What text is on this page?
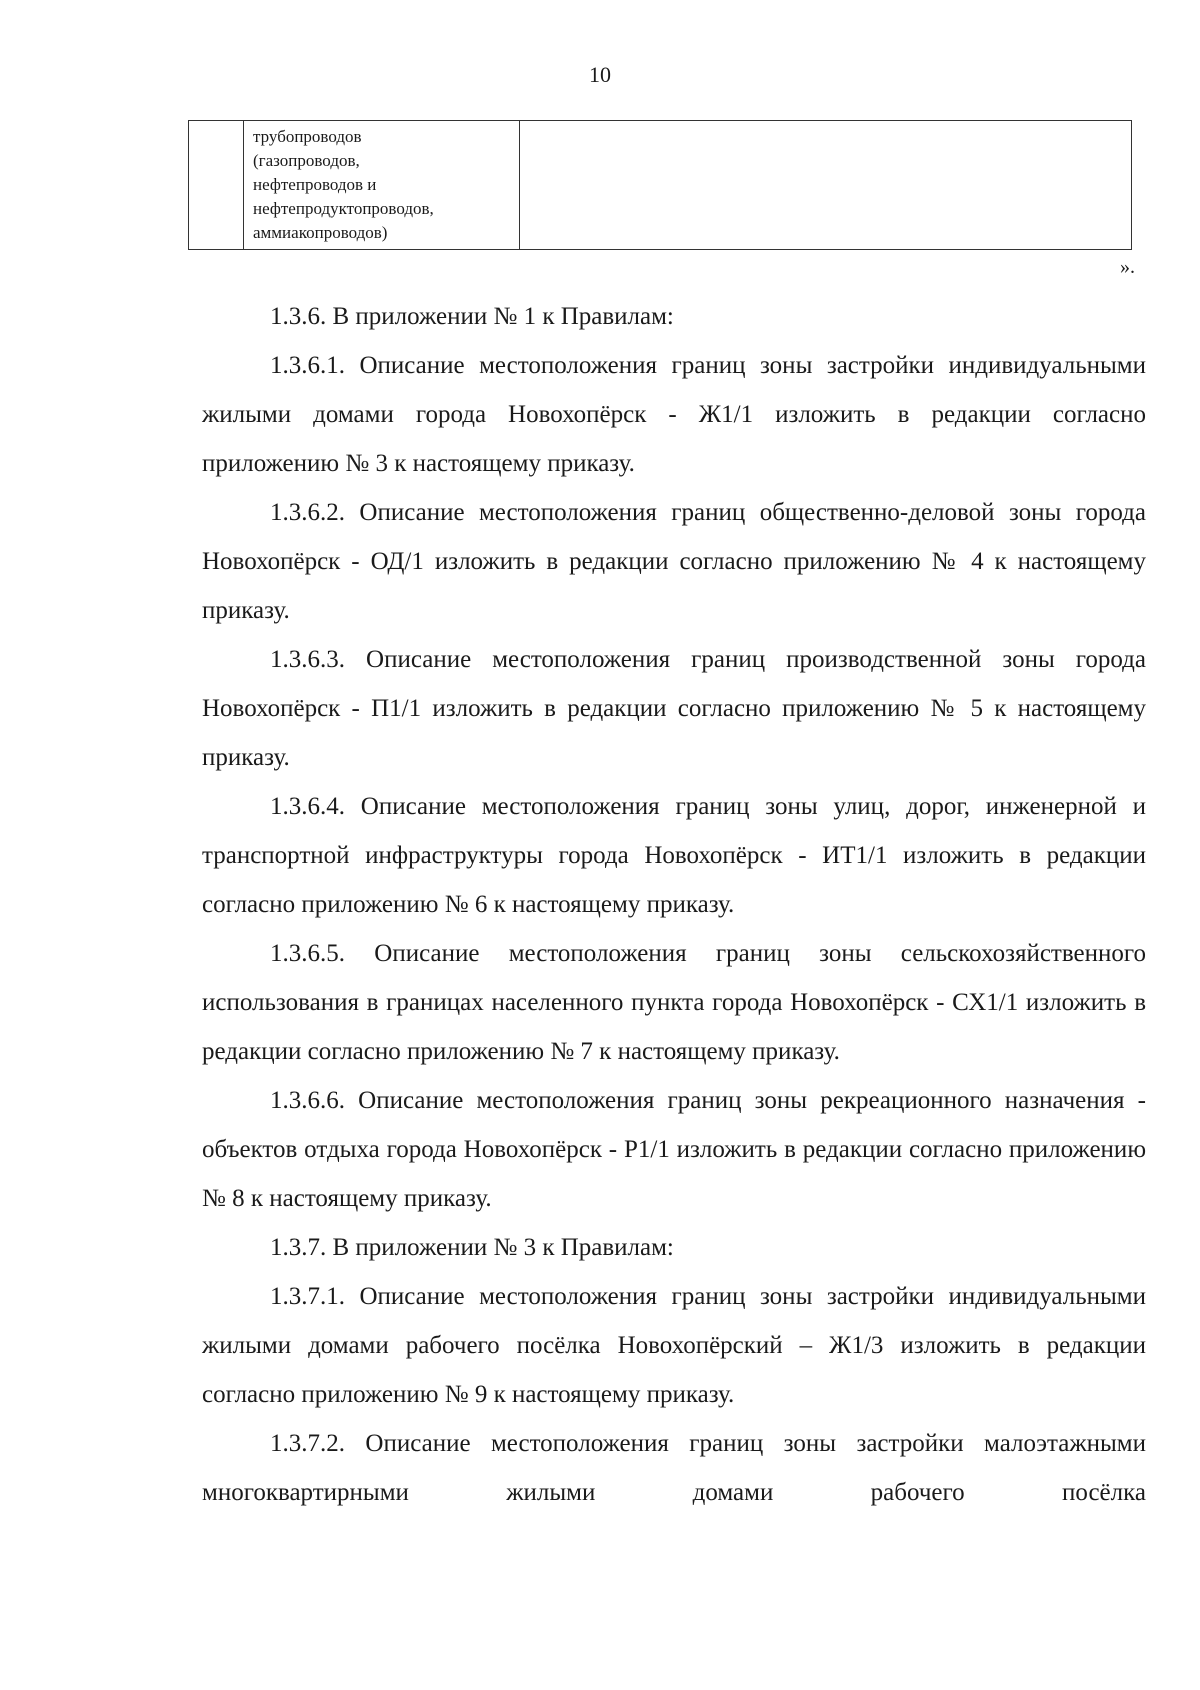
10
трубопроводов
(газопроводов,
нефтепроводов и
нефтепродуктопроводов,
аммиакопроводов)
».

1.3.6. В приложении № 1 к Правилам:

1.3.6.1. Описание местоположения границ зоны застройки индивидуальными жилыми домами города Новохопёрск - Ж1/1 изложить в редакции согласно приложению № 3 к настоящему приказу.

1.3.6.2. Описание местоположения границ общественно-деловой зоны города Новохопёрск - ОД/1 изложить в редакции согласно приложению № 4 к настоящему приказу.

1.3.6.3. Описание местоположения границ производственной зоны города Новохопёрск - П1/1 изложить в редакции согласно приложению № 5 к настоящему приказу.

1.3.6.4. Описание местоположения границ зоны улиц, дорог, инженерной и транспортной инфраструктуры города Новохопёрск - ИТ1/1 изложить в редакции согласно приложению № 6 к настоящему приказу.

1.3.6.5. Описание местоположения границ зоны сельскохозяйственного использования в границах населенного пункта города Новохопёрск - СХ1/1 изложить в редакции согласно приложению № 7 к настоящему приказу.

1.3.6.6. Описание местоположения границ зоны рекреационного назначения - объектов отдыха города Новохопёрск - Р1/1 изложить в редакции согласно приложению № 8 к настоящему приказу.

1.3.7. В приложении № 3 к Правилам:

1.3.7.1. Описание местоположения границ зоны застройки индивидуальными жилыми домами рабочего посёлка Новохопёрский – Ж1/3 изложить в редакции согласно приложению № 9 к настоящему приказу.

1.3.7.2. Описание местоположения границ зоны застройки малоэтажными многоквартирными жилыми домами рабочего посёлка
